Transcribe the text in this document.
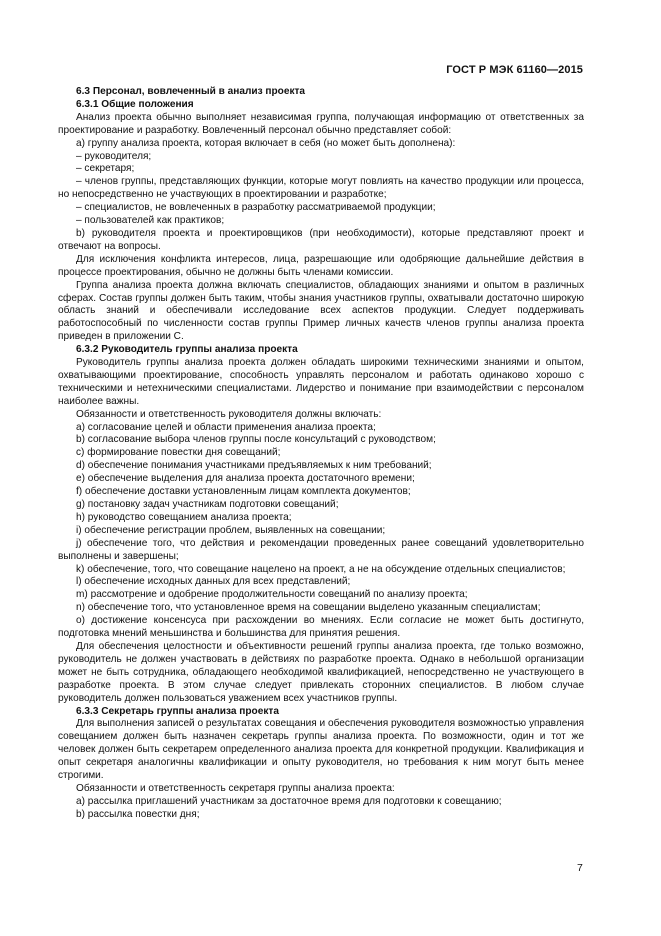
ГОСТ Р МЭК 61160—2015

6.3 Персонал, вовлеченный в анализ проекта

6.3.1 Общие положения

Анализ проекта обычно выполняет независимая группа, получающая информацию от ответственных за проектирование и разработку. Вовлеченный персонал обычно представляет собой:

a) группу анализа проекта, которая включает в себя (но может быть дополнена):

– руководителя;

– секретаря;

– членов группы, представляющих функции, которые могут повлиять на качество продукции или процесса, но непосредственно не участвующих в проектировании и разработке;

– специалистов, не вовлеченных в разработку рассматриваемой продукции;

– пользователей как практиков;

b) руководителя проекта и проектировщиков (при необходимости), которые представляют проект и отвечают на вопросы.

Для исключения конфликта интересов, лица, разрешающие или одобряющие дальнейшие действия в процессе проектирования, обычно не должны быть членами комиссии.

Группа анализа проекта должна включать специалистов, обладающих знаниями и опытом в различных сферах. Состав группы должен быть таким, чтобы знания участников группы, охватывали достаточно широкую область знаний и обеспечивали исследование всех аспектов продукции. Следует поддерживать работоспособный по численности состав группы Пример личных качеств членов группы анализа проекта приведен в приложении С.

6.3.2 Руководитель группы анализа проекта

Руководитель группы анализа проекта должен обладать широкими техническими знаниями и опытом, охватывающими проектирование, способность управлять персоналом и работать одинаково хорошо с техническими и нетехническими специалистами. Лидерство и понимание при взаимодействии с персоналом наиболее важны.

Обязанности и ответственность руководителя должны включать:

a) согласование целей и области применения анализа проекта;

b) согласование выбора членов группы после консультаций с руководством;

c) формирование повестки дня совещаний;

d) обеспечение понимания участниками предъявляемых к ним требований;

e) обеспечение выделения для анализа проекта достаточного времени;

f) обеспечение доставки установленным лицам комплекта документов;

g) постановку задач участникам подготовки совещаний;

h) руководство совещанием анализа проекта;

i) обеспечение регистрации проблем, выявленных на совещании;

j) обеспечение того, что действия и рекомендации проведенных ранее совещаний удовлетворительно выполнены и завершены;

k) обеспечение, того, что совещание нацелено на проект, а не на обсуждение отдельных специалистов;

l) обеспечение исходных данных для всех представлений;

m) рассмотрение и одобрение продолжительности совещаний по анализу проекта;

n) обеспечение того, что установленное время на совещании выделено указанным специалистам;

o) достижение консенсуса при расхождении во мнениях. Если согласие не может быть достигнуто, подготовка мнений меньшинства и большинства для принятия решения.

Для обеспечения целостности и объективности решений группы анализа проекта, где только возможно, руководитель не должен участвовать в действиях по разработке проекта. Однако в небольшой организации может не быть сотрудника, обладающего необходимой квалификацией, непосредственно не участвующего в разработке проекта. В этом случае следует привлекать сторонних специалистов. В любом случае руководитель должен пользоваться уважением всех участников группы.

6.3.3 Секретарь группы анализа проекта

Для выполнения записей о результатах совещания и обеспечения руководителя возможностью управления совещанием должен быть назначен секретарь группы анализа проекта. По возможности, один и тот же человек должен быть секретарем определенного анализа проекта для конкретной продукции. Квалификация и опыт секретаря аналогичны квалификации и опыту руководителя, но требования к ним могут быть менее строгими.

Обязанности и ответственность секретаря группы анализа проекта:

a) рассылка приглашений участникам за достаточное время для подготовки к совещанию;

b) рассылка повестки дня;

7
